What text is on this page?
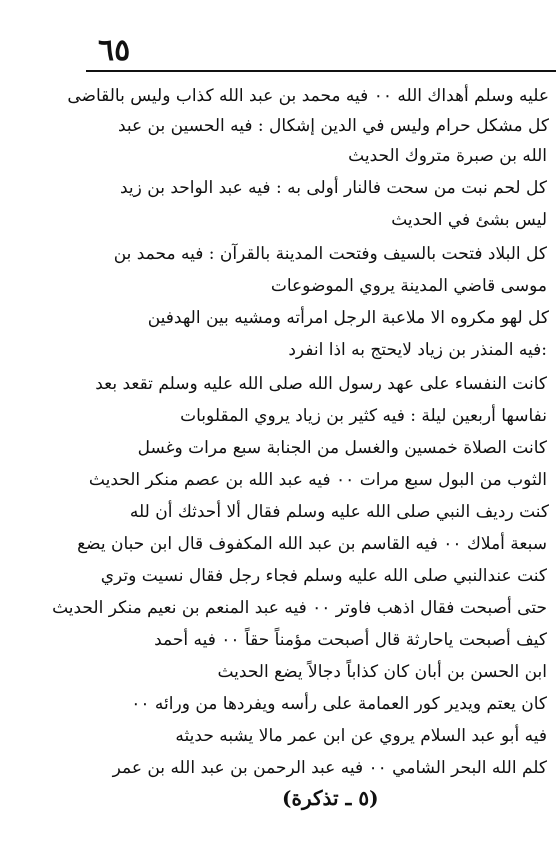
٦٥
عليه وسلم أهداك الله ‎٠٠‎ فيه محمد بن عبد الله كذاب وليس بالقاضى
كل مشكل حرام وليس في الدين إشكال : فيه الحسين بن عبد
الله بن صبرة متروك الحديث
كل لحم نبت من سحت فالنار أولى به : فيه عبد الواحد بن زيد
ليس بشئ في الحديث
كل البلاد فتحت بالسيف وفتحت المدينة بالقرآن : فيه محمد بن
موسى قاضي المدينة يروي الموضوعات
كل لهو مكروه الا ملاعبة الرجل امرأته ومشيه بين الهدفين
:فيه المنذر بن زياد لايحتج به اذا انفرد
كانت النفساء على عهد رسول الله صلى الله عليه وسلم تقعد بعد
نفاسها أربعين ليلة : فيه كثير بن زياد يروي المقلوبات
كانت الصلاة خمسين والغسل من الجنابة سبع مرات وغسل
الثوب من البول سبع مرات ‎٠٠‎ فيه عبد الله بن عصم منكر الحديث
كنت رديف النبي صلى الله عليه وسلم فقال ألا أحدثك أن لله
سبعة أملاك ‎٠٠‎ فيه القاسم بن عبد الله المكفوف قال ابن حبان يضع
كنت عندالنبي صلى الله عليه وسلم فجاء رجل فقال نسيت وتري
حتى أصبحت فقال اذهب فاوتر ‎٠٠‎ فيه عبد المنعم بن نعيم منكر الحديث
كيف أصبحت ياحارثة قال أصبحت مؤمناً حقاً ‎٠٠‎ فيه أحمد
ابن الحسن بن أبان كان كذاباً دجالاً يضع الحديث
كان يعتم ويدير كور العمامة على رأسه ويفردها من ورائه ‎٠٠
فيه أبو عبد السلام يروي عن ابن عمر مالا يشبه حديثه
كلم الله البحر الشامي ‎٠٠‎ فيه عبد الرحمن بن عبد الله بن عمر
(٥ ـ تذكرة)
